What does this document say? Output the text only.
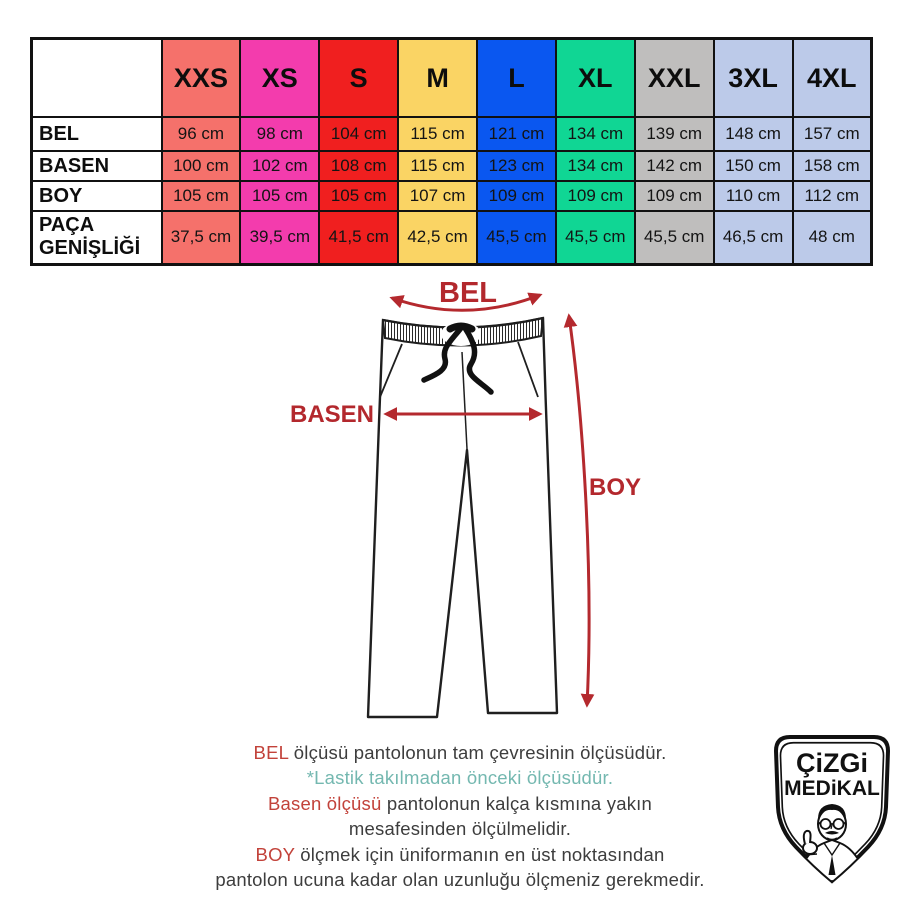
	XXS	XS	S	M	L	XL	XXL	3XL	4XL
BEL	96 cm	98 cm	104 cm	115 cm	121 cm	134 cm	139 cm	148 cm	157 cm
BASEN	100 cm	102 cm	108 cm	115 cm	123 cm	134 cm	142 cm	150 cm	158 cm
BOY	105 cm	105 cm	105 cm	107 cm	109 cm	109 cm	109 cm	110 cm	112 cm
PAÇA GENİŞLİĞİ	37,5 cm	39,5 cm	41,5 cm	42,5 cm	45,5 cm	45,5 cm	45,5 cm	46,5 cm	48 cm
BEL
BASEN
BOY

BEL ölçüsü pantolonun tam çevresinin ölçüsüdür.

*Lastik takılmadan önceki ölçüsüdür.

Basen ölçüsü pantolonun kalça kısmına yakın

mesafesinden ölçülmelidir.

BOY ölçmek için üniformanın en üst noktasından

pantolon ucuna kadar olan uzunluğu ölçmeniz gerekmedir.

ÇiZGi
MEDiKAL
